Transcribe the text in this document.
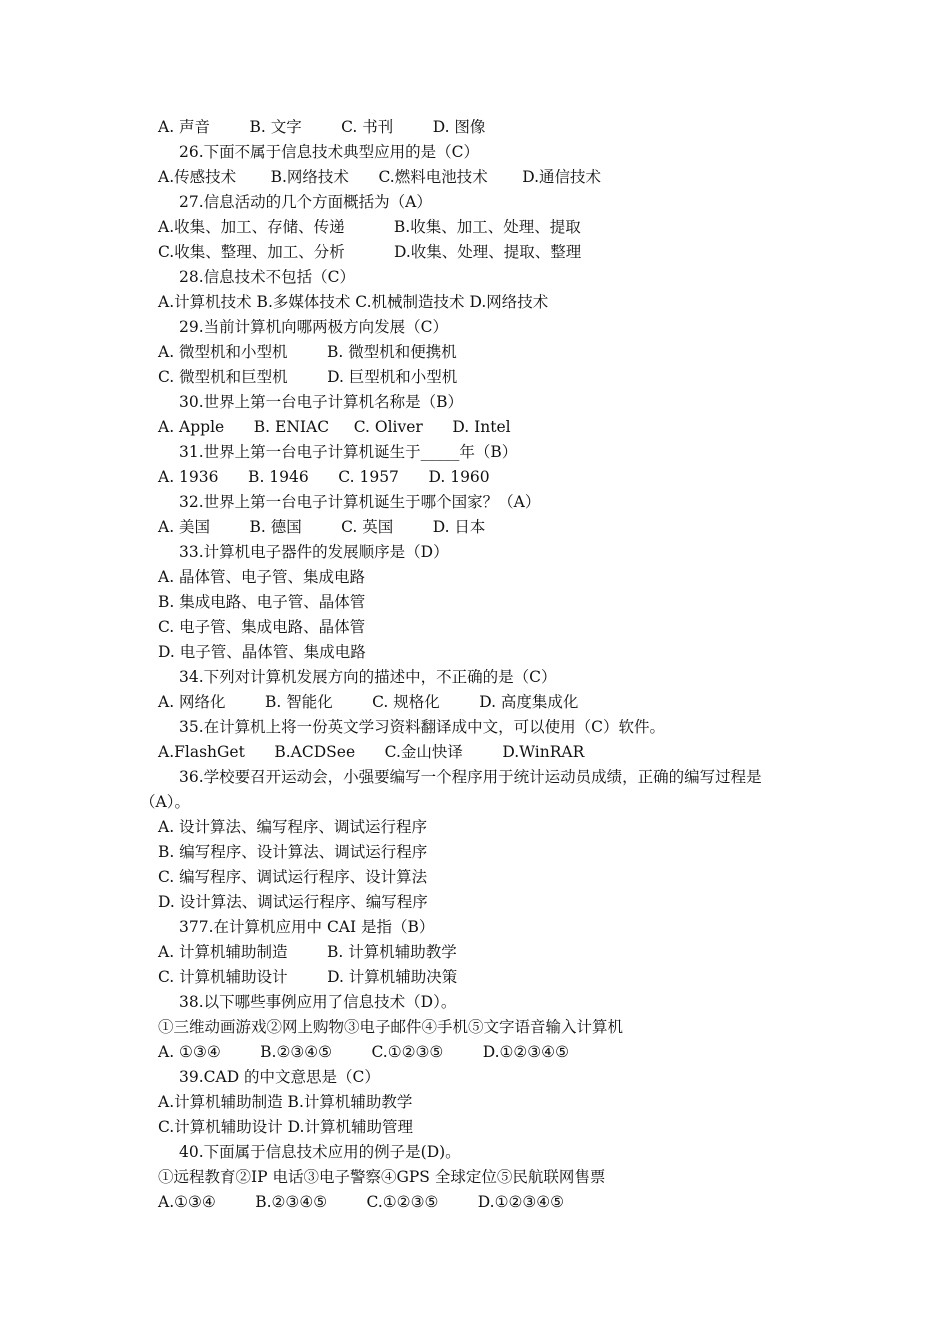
A. 声音        B. 文字        C. 书刊        D. 图像
26.下面不属于信息技术典型应用的是（C）
A.传感技术       B.网络技术      C.燃料电池技术       D.通信技术
27.信息活动的几个方面概括为（A）
A.收集、加工、存储、传递          B.收集、加工、处理、提取
C.收集、整理、加工、分析          D.收集、处理、提取、整理
28.信息技术不包括（C）
A.计算机技术 B.多媒体技术 C.机械制造技术 D.网络技术
29.当前计算机向哪两极方向发展（C）
A. 微型机和小型机        B. 微型机和便携机
C. 微型机和巨型机        D. 巨型机和小型机
30.世界上第一台电子计算机名称是（B）
A. Apple      B. ENIAC     C. Oliver      D. Intel
31.世界上第一台电子计算机诞生于_____年（B）
A. 1936      B. 1946      C. 1957      D. 1960
32.世界上第一台电子计算机诞生于哪个国家？（A）
A. 美国        B. 德国        C. 英国        D. 日本
33.计算机电子器件的发展顺序是（D）
A. 晶体管、电子管、集成电路
B. 集成电路、电子管、晶体管
C. 电子管、集成电路、晶体管
D. 电子管、晶体管、集成电路
34.下列对计算机发展方向的描述中，不正确的是（C）
A. 网络化        B. 智能化        C. 规格化        D. 高度集成化
35.在计算机上将一份英文学习资料翻译成中文，可以使用（C）软件。
A.FlashGet      B.ACDSee      C.金山快译        D.WinRAR
36.学校要召开运动会，小强要编写一个程序用于统计运动员成绩，正确的编写过程是
（A）。
A. 设计算法、编写程序、调试运行程序
B. 编写程序、设计算法、调试运行程序
C. 编写程序、调试运行程序、设计算法
D. 设计算法、调试运行程序、编写程序
377.在计算机应用中 CAI 是指（B）
A. 计算机辅助制造        B. 计算机辅助教学
C. 计算机辅助设计        D. 计算机辅助决策
38.以下哪些事例应用了信息技术（D）。
①三维动画游戏②网上购物③电子邮件④手机⑤文字语音输入计算机
A. ①③④        B.②③④⑤        C.①②③⑤        D.①②③④⑤
39.CAD 的中文意思是（C）
A.计算机辅助制造 B.计算机辅助教学
C.计算机辅助设计 D.计算机辅助管理
40.下面属于信息技术应用的例子是(D)。
①远程教育②IP 电话③电子警察④GPS 全球定位⑤民航联网售票
A.①③④        B.②③④⑤        C.①②③⑤        D.①②③④⑤
